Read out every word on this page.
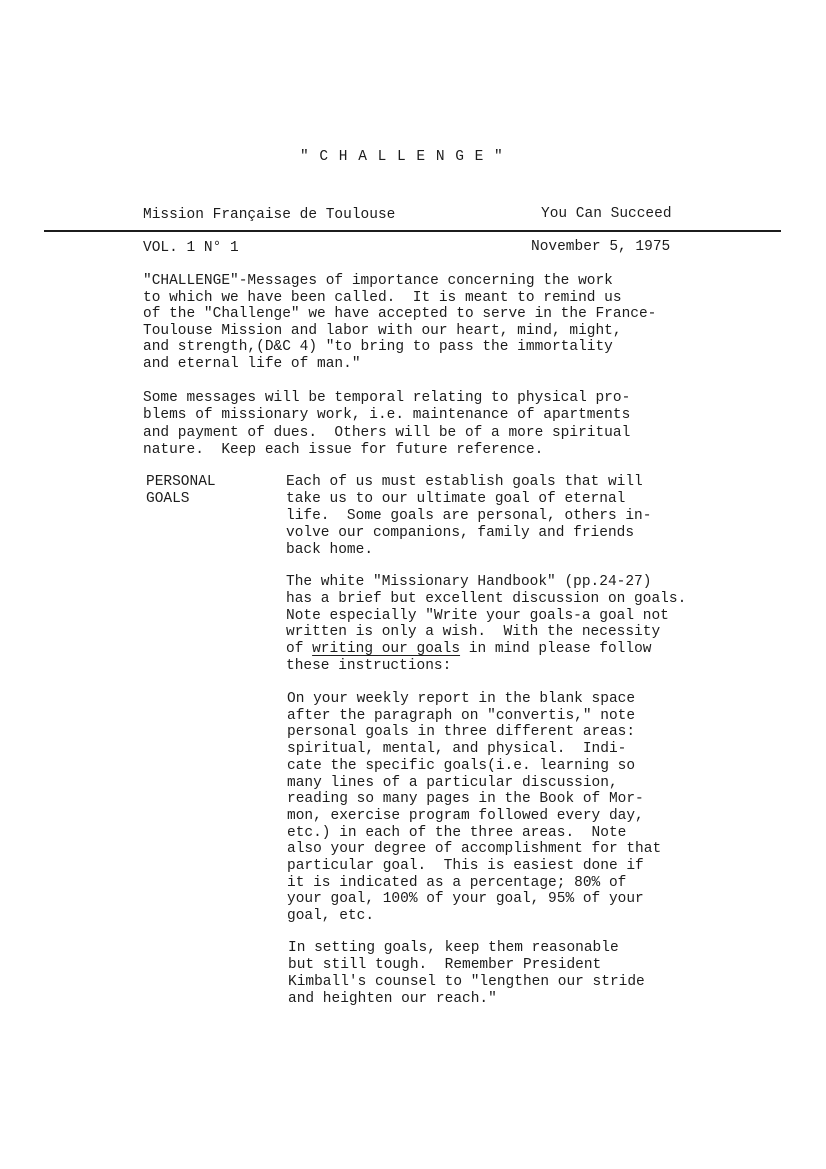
" C H A L L E N G E "
Mission Française de Toulouse	You Can Succeed
VOL. 1 N° 1	November 5, 1975
"CHALLENGE"-Messages of importance concerning the work
to which we have been called.  It is meant to remind us
of the "Challenge" we have accepted to serve in the France-
Toulouse Mission and labor with our heart, mind, might,
and strength,(D&C 4) "to bring to pass the immortality
and eternal life of man."
Some messages will be temporal relating to physical pro-
blems of missionary work, i.e. maintenance of apartments
and payment of dues.  Others will be of a more spiritual
nature.  Keep each issue for future reference.
PERSONAL
GOALS
Each of us must establish goals that will
take us to our ultimate goal of eternal
life.  Some goals are personal, others in-
volve our companions, family and friends
back home.
The white "Missionary Handbook" (pp.24-27)
has a brief but excellent discussion on goals.
Note especially "Write your goals-a goal not
written is only a wish.  With the necessity
of writing our goals in mind please follow
these instructions:
On your weekly report in the blank space
after the paragraph on "convertis," note
personal goals in three different areas:
spiritual, mental, and physical.  Indi-
cate the specific goals(i.e. learning so
many lines of a particular discussion,
reading so many pages in the Book of Mor-
mon, exercise program followed every day,
etc.) in each of the three areas.  Note
also your degree of accomplishment for that
particular goal.  This is easiest done if
it is indicated as a percentage; 80% of
your goal, 100% of your goal, 95% of your
goal, etc.
In setting goals, keep them reasonable
but still tough.  Remember President
Kimball's counsel to "lengthen our stride
and heighten our reach."
